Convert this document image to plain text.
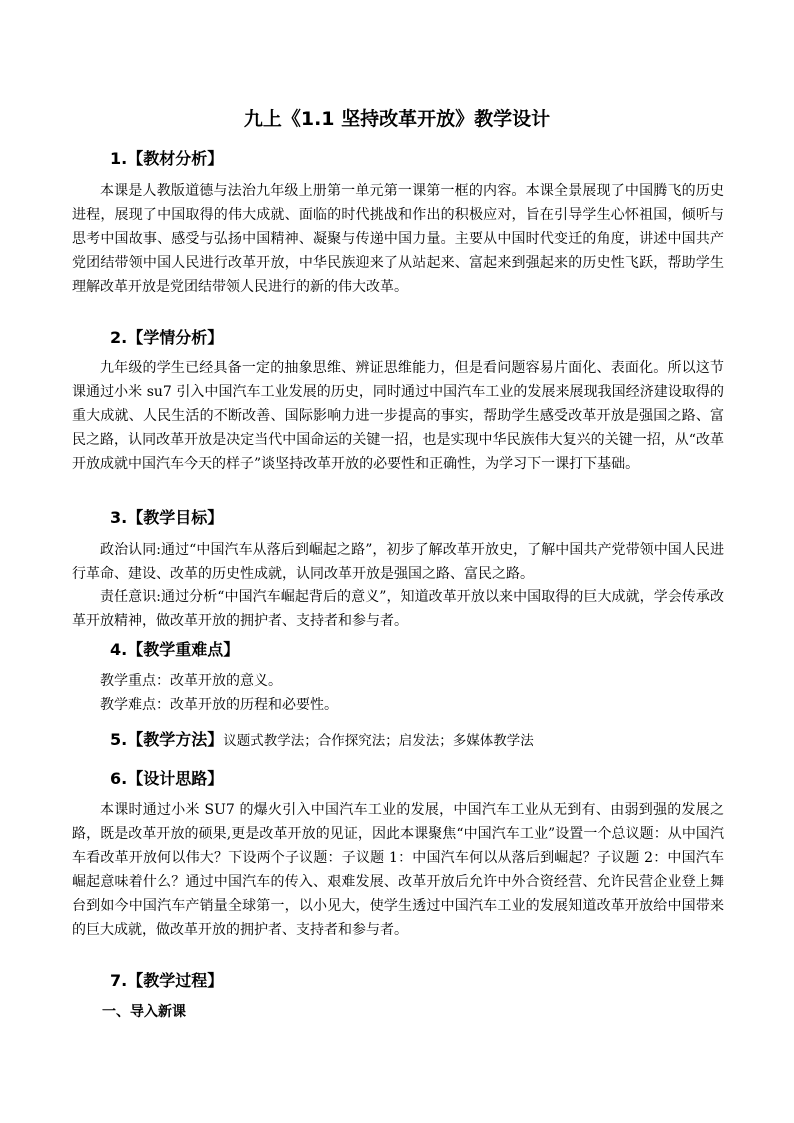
九上《1.1 坚持改革开放》教学设计
1.【教材分析】

本课是人教版道德与法治九年级上册第一单元第一课第一框的内容。本课全景展现了中国腾飞的历史进程，展现了中国取得的伟大成就、面临的时代挑战和作出的积极应对，旨在引导学生心怀祖国，倾听与思考中国故事、感受与弘扬中国精神、凝聚与传递中国力量。主要从中国时代变迁的角度，讲述中国共产党团结带领中国人民进行改革开放，中华民族迎来了从站起来、富起来到强起来的历史性飞跃，帮助学生理解改革开放是党团结带领人民进行的新的伟大改革。

2.【学情分析】

九年级的学生已经具备一定的抽象思维、辨证思维能力，但是看问题容易片面化、表面化。所以这节课通过小米 su7 引入中国汽车工业发展的历史，同时通过中国汽车工业的发展来展现我国经济建设取得的重大成就、人民生活的不断改善、国际影响力进一步提高的事实，帮助学生感受改革开放是强国之路、富民之路，认同改革开放是决定当代中国命运的关键一招，也是实现中华民族伟大复兴的关键一招，从“改革开放成就中国汽车今天的样子”谈坚持改革开放的必要性和正确性，为学习下一课打下基础。

3.【教学目标】

政治认同:通过“中国汽车从落后到崛起之路”，初步了解改革开放史，了解中国共产党带领中国人民进行革命、建设、改革的历史性成就，认同改革开放是强国之路、富民之路。

责任意识:通过分析“中国汽车崛起背后的意义”，知道改革开放以来中国取得的巨大成就，学会传承改革开放精神，做改革开放的拥护者、支持者和参与者。

4.【教学重难点】

教学重点：改革开放的意义。

教学难点：改革开放的历程和必要性。

5.【教学方法】议题式教学法；合作探究法；启发法；多媒体教学法
6.【设计思路】

本课时通过小米 SU7 的爆火引入中国汽车工业的发展，中国汽车工业从无到有、由弱到强的发展之路，既是改革开放的硕果,更是改革开放的见证，因此本课聚焦“中国汽车工业”设置一个总议题：从中国汽车看改革开放何以伟大？下设两个子议题：子议题 1：中国汽车何以从落后到崛起？子议题 2：中国汽车崛起意味着什么？通过中国汽车的传入、艰难发展、改革开放后允许中外合资经营、允许民营企业登上舞台到如今中国汽车产销量全球第一，以小见大，使学生透过中国汽车工业的发展知道改革开放给中国带来的巨大成就，做改革开放的拥护者、支持者和参与者。

7.【教学过程】
一、导入新课
